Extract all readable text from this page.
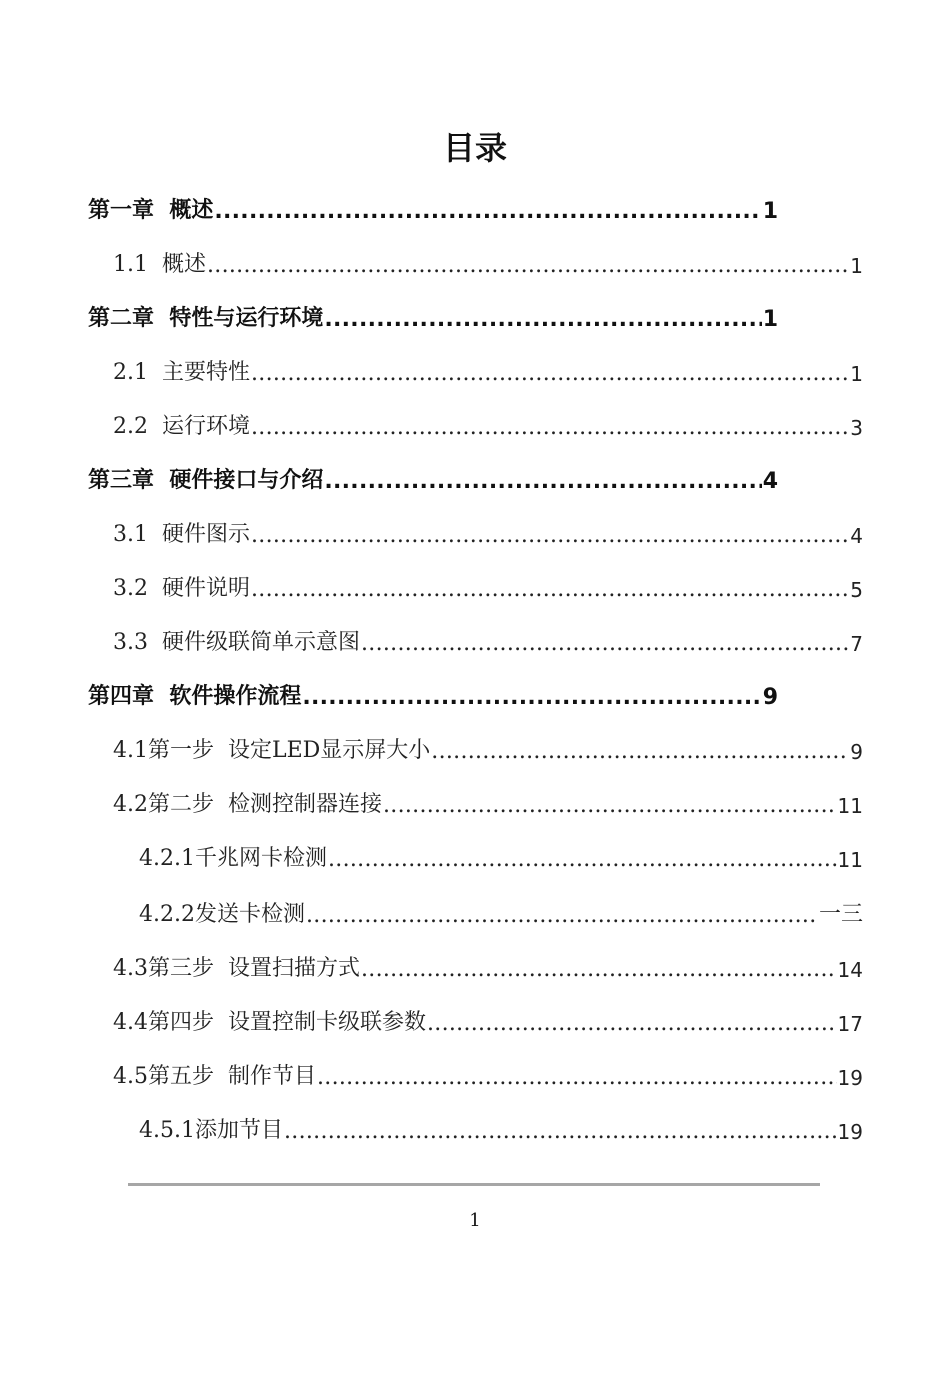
目录
第一章  概述 .....	1
1.1  概述 .....	1
第二章  特性与运行环境 .....	1
2.1  主要特性 .....	1
2.2  运行环境 .....	3
第三章  硬件接口与介绍 .....	4
3.1  硬件图示 .....	4
3.2  硬件说明 .....	5
3.3  硬件级联简单示意图 .....	7
第四章  软件操作流程 .....	9
4.1第一步  设定LED显示屏大小 .....	9
4.2第二步  检测控制器连接 .....	11
4.2.1千兆网卡检测 .....	11
4.2.2发送卡检测 .....	一三
4.3第三步  设置扫描方式 .....	14
4.4第四步  设置控制卡级联参数 .....	17
4.5第五步  制作节目 .....	19
4.5.1添加节目 .....	19
1
